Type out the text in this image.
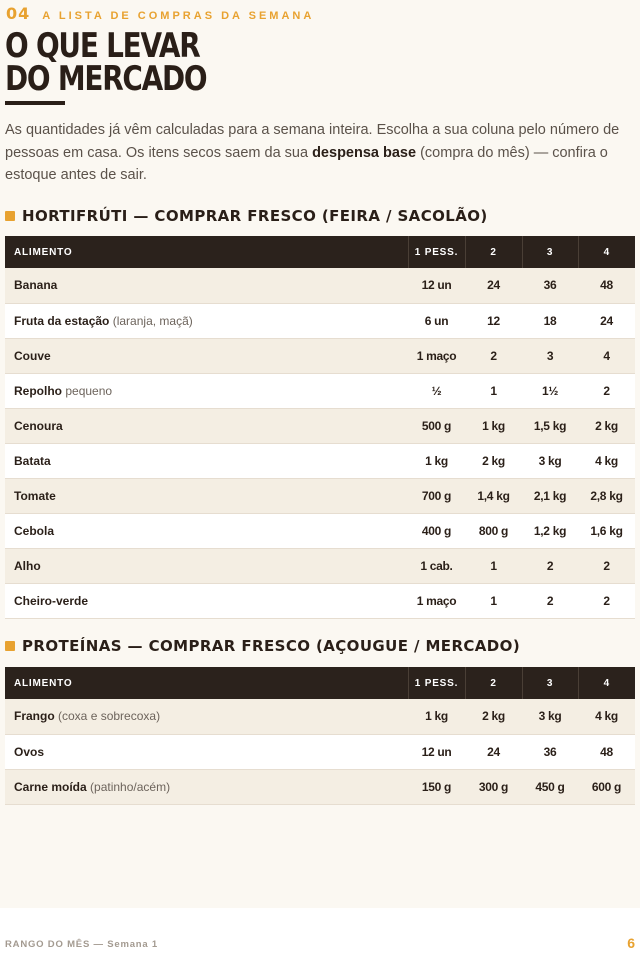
04 A LISTA DE COMPRAS DA SEMANA
O QUE LEVAR
DO MERCADO

As quantidades já vêm calculadas para a semana inteira. Escolha a sua coluna pelo número de pessoas em casa. Os itens secos saem da sua despensa base (compra do mês) — confira o estoque antes de sair.

HORTIFRÚTI — COMPRAR FRESCO (FEIRA / SACOLÃO)
ALIMENTO	1 PESS.	2	3	4
Banana	12 un	24	36	48
Fruta da estação (laranja, maçã)	6 un	12	18	24
Couve	1 maço	2	3	4
Repolho pequeno	½	1	1½	2
Cenoura	500 g	1 kg	1,5 kg	2 kg
Batata	1 kg	2 kg	3 kg	4 kg
Tomate	700 g	1,4 kg	2,1 kg	2,8 kg
Cebola	400 g	800 g	1,2 kg	1,6 kg
Alho	1 cab.	1	2	2
Cheiro-verde	1 maço	1	2	2
PROTEÍNAS — COMPRAR FRESCO (AÇOUGUE / MERCADO)
ALIMENTO	1 PESS.	2	3	4
Frango (coxa e sobrecoxa)	1 kg	2 kg	3 kg	4 kg
Ovos	12 un	24	36	48
Carne moída (patinho/acém)	150 g	300 g	450 g	600 g
RANGO DO MÊS — Semana 1	6
